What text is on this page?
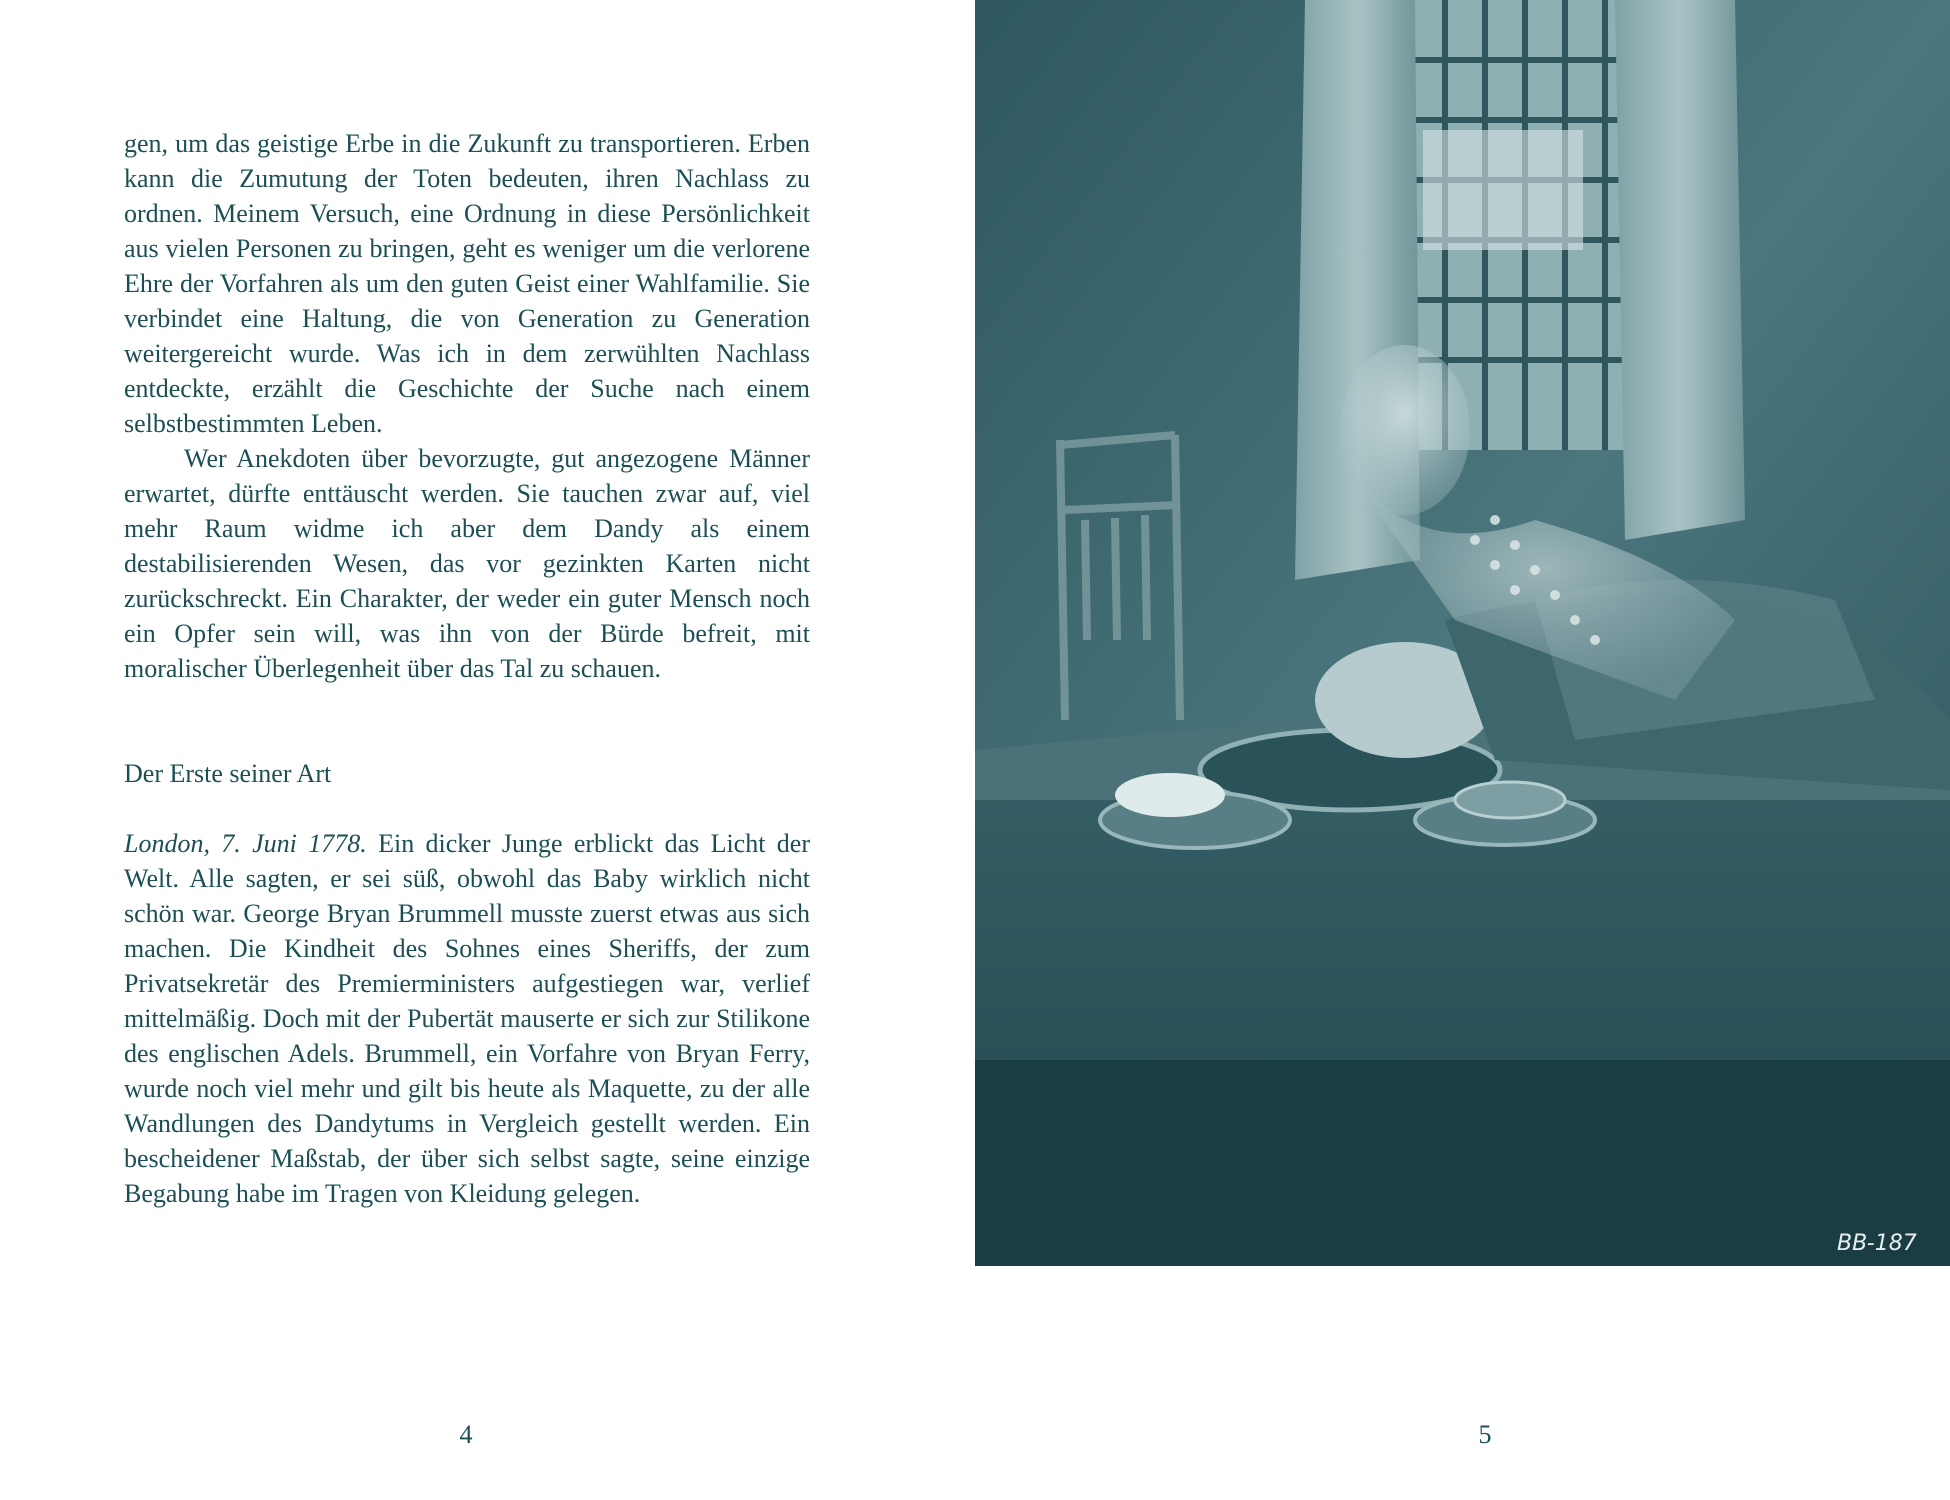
gen, um das geistige Erbe in die Zukunft zu transportieren. Erben kann die Zumutung der Toten bedeuten, ihren Nachlass zu ordnen. Meinem Versuch, eine Ordnung in diese Persönlichkeit aus vielen Personen zu bringen, geht es weniger um die verlorene Ehre der Vorfahren als um den guten Geist einer Wahlfamilie. Sie verbindet eine Haltung, die von Generation zu Generation weitergereicht wurde. Was ich in dem zerwühlten Nachlass entdeckte, erzählt die Geschichte der Suche nach einem selbstbestimmten Leben.

Wer Anekdoten über bevorzugte, gut angezogene Männer erwartet, dürfte enttäuscht werden. Sie tauchen zwar auf, viel mehr Raum widme ich aber dem Dandy als einem destabilisierenden Wesen, das vor gezinkten Karten nicht zurückschreckt. Ein Charakter, der weder ein guter Mensch noch ein Opfer sein will, was ihn von der Bürde befreit, mit moralischer Überlegenheit über das Tal zu schauen.

Der Erste seiner Art

London, 7. Juni 1778. Ein dicker Junge erblickt das Licht der Welt. Alle sagten, er sei süß, obwohl das Baby wirklich nicht schön war. George Bryan Brummell musste zuerst etwas aus sich machen. Die Kindheit des Sohnes eines Sheriffs, der zum Privatsekretär des Premierministers aufgestiegen war, verlief mittelmäßig. Doch mit der Pubertät mauserte er sich zur Stilikone des englischen Adels. Brummell, ein Vorfahre von Bryan Ferry, wurde noch viel mehr und gilt bis heute als Maquette, zu der alle Wandlungen des Dandytums in Vergleich gestellt werden. Ein bescheidener Maßstab, der über sich selbst sagte, seine einzige Begabung habe im Tragen von Kleidung gelegen.

4
BB-187
5
